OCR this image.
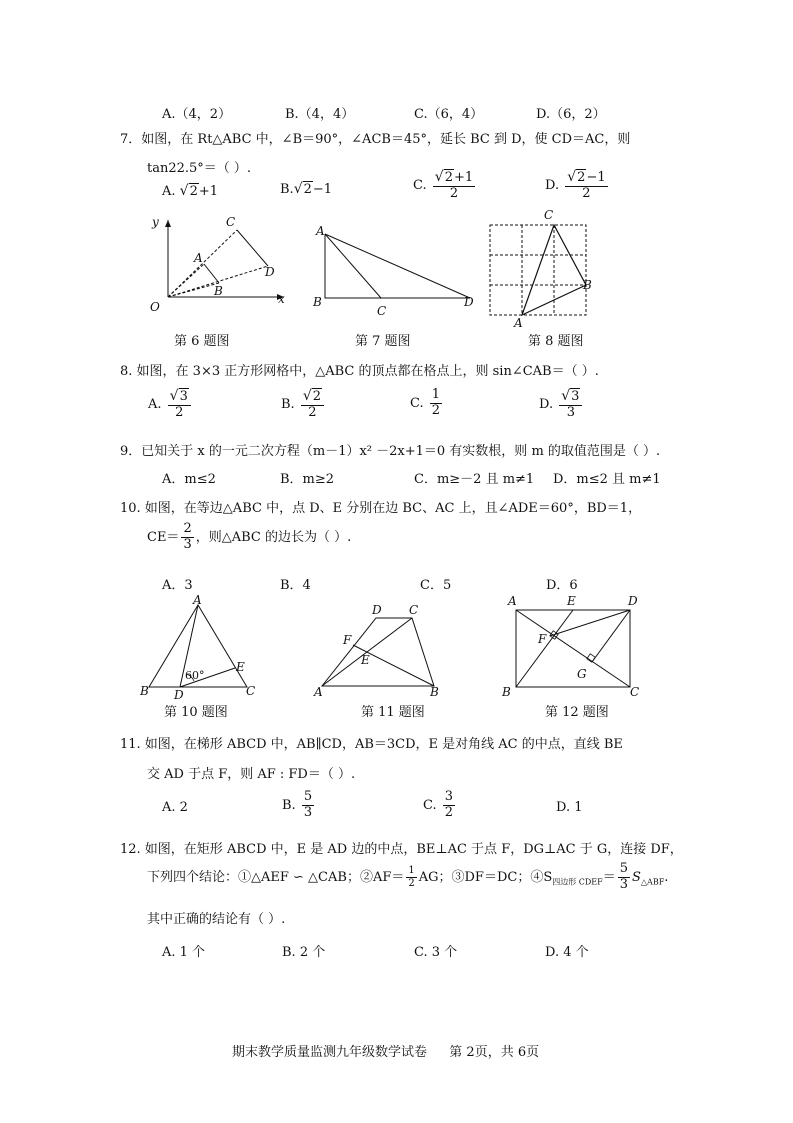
A.（4，2）	B.（4，4）	C.（6，4）	D.（6，2）
7．如图，在 Rt△ABC 中，∠B＝90°，∠ACB＝45°，延长 BC 到 D，使 CD＝AC，则
tan22.5°＝（ ）.
A. √2+1	B.√2−1	C. $\frac{√2+1}{2}$	D. $\frac{√2-1}{2}$
y
x
O
A
B
C
D
A
B
C
D
C
B
A
第 6 题图	第 7 题图	第 8 题图
8. 如图，在 3×3 正方形网格中，△ABC 的顶点都在格点上，则 sin∠CAB＝（ ）.
A. $\frac{√3}{2}$	B. $\frac{√2}{2}$	C. $\frac{1}{2}$	D. $\frac{√3}{3}$
9．已知关于 x 的一元二次方程（m－1）x² －2x+1＝0 有实数根，则 m 的取值范围是（ ）.
A．m≤2	B．m≥2	C．m≥－2 且 m≠1 D．m≤2 且 m≠1
10. 如图，在等边△ABC 中，点 D、E 分别在边 BC、AC 上，且∠ADE＝60°，BD＝1，
$CE= \frac{2}{3}$ ，则△ABC 的边长为（ ）.
A．3	B．4	C．5	D．6
A
B	C
D
E
60°
D C
F
E
A	B
A	E	D
F
G
B	C
第 10 题图	第 11 题图	第 12 题图
11. 如图，在梯形 ABCD 中，AB∥CD，AB＝3CD，E 是对角线 AC 的中点，直线 BE
交 AD 于点 F，则 AF : FD＝（ ）.
A. 2	B. $\frac{5}{3}$	C. $\frac{3}{2}$	D. 1
12. 如图，在矩形 ABCD 中，E 是 AD 边的中点，BE⊥AC 于点 F，DG⊥AC 于 G，连接 DF，
下列四个结论：①△AEF ∽ △CAB；②AF＝ $\frac{1}{2}$ AG；③DF＝DC；$④S_{四边形 CDEF}= \frac{5}{3} S_{\triangle ABF}$.
其中正确的结论有（ ）.
A. 1 个	B. 2 个	C. 3 个	D. 4 个
期末教学质量监测九年级数学试卷 第 2页，共 6页
